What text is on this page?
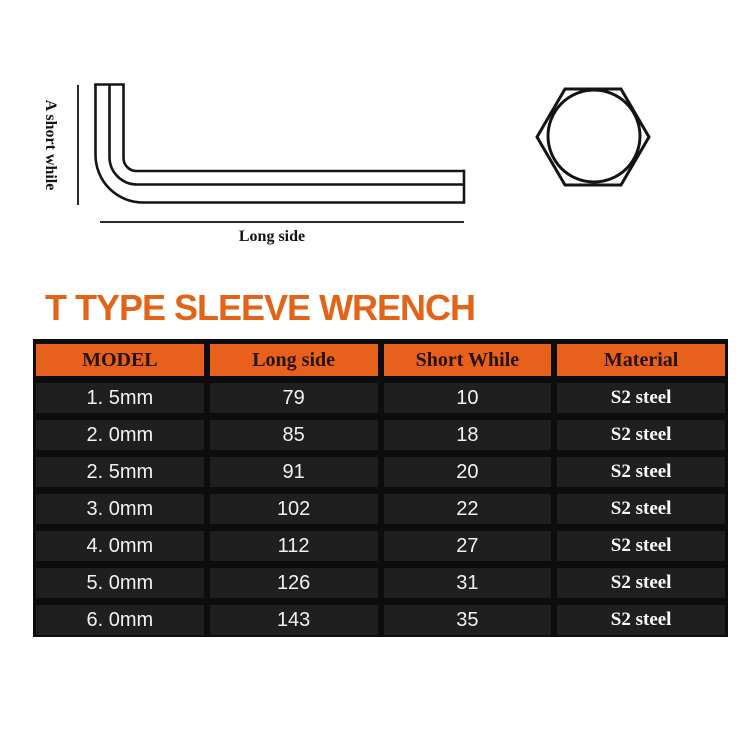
A short while
Long side
T TYPE SLEEVE WRENCH
MODEL	Long side	Short While	Material
1. 5mm	79	10	S2 steel
2. 0mm	85	18	S2 steel
2. 5mm	91	20	S2 steel
3. 0mm	102	22	S2 steel
4. 0mm	112	27	S2 steel
5. 0mm	126	31	S2 steel
6. 0mm	143	35	S2 steel
